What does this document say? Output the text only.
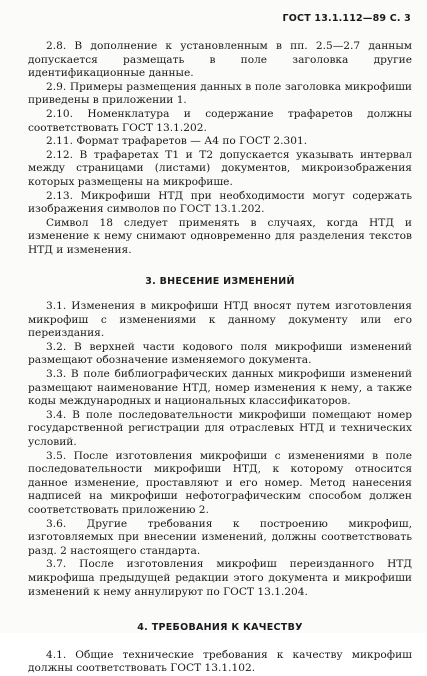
ГОСТ 13.1.112—89 С. 3

2.8. В дополнение к установленным в пп. 2.5—2.7 данным допускается размещать в поле заголовка другие идентификационные данные.

2.9. Примеры размещения данных в поле заголовка микрофиши приведены в приложении 1.

2.10. Номенклатура и содержание трафаретов должны соответствовать ГОСТ 13.1.202.

2.11. Формат трафаретов — А4 по ГОСТ 2.301.

2.12. В трафаретах Т1 и Т2 допускается указывать интервал между страницами (листами) документов, микроизображения которых размещены на микрофише.

2.13. Микрофиши НТД при необходимости могут содержать изображения символов по ГОСТ 13.1.202.

Символ 18 следует применять в случаях, когда НТД и изменение к нему снимают одновременно для разделения текстов НТД и изменения.

3. ВНЕСЕНИЕ ИЗМЕНЕНИЙ

3.1. Изменения в микрофиши НТД вносят путем изготовления микрофиш с изменениями к данному документу или его переиздания.

3.2. В верхней части кодового поля микрофиши изменений размещают обозначение изменяемого документа.

3.3. В поле библиографических данных микрофиши изменений размещают наименование НТД, номер изменения к нему, а также коды международных и национальных классификаторов.

3.4. В поле последовательности микрофиши помещают номер государственной регистрации для отраслевых НТД и технических условий.

3.5. После изготовления микрофиши с изменениями в поле последовательности микрофиши НТД, к которому относится данное изменение, проставляют и его номер. Метод нанесения надписей на микрофиши нефотографическим способом должен соответствовать приложению 2.

3.6. Другие требования к построению микрофиш, изготовляемых при внесении изменений, должны соответствовать разд. 2 настоящего стандарта.

3.7. После изготовления микрофиш переизданного НТД микрофиша предыдущей редакции этого документа и микрофиши изменений к нему аннулируют по ГОСТ 13.1.204.

4. ТРЕБОВАНИЯ К КАЧЕСТВУ

4.1. Общие технические требования к качеству микрофиш должны соответствовать ГОСТ 13.1.102.
